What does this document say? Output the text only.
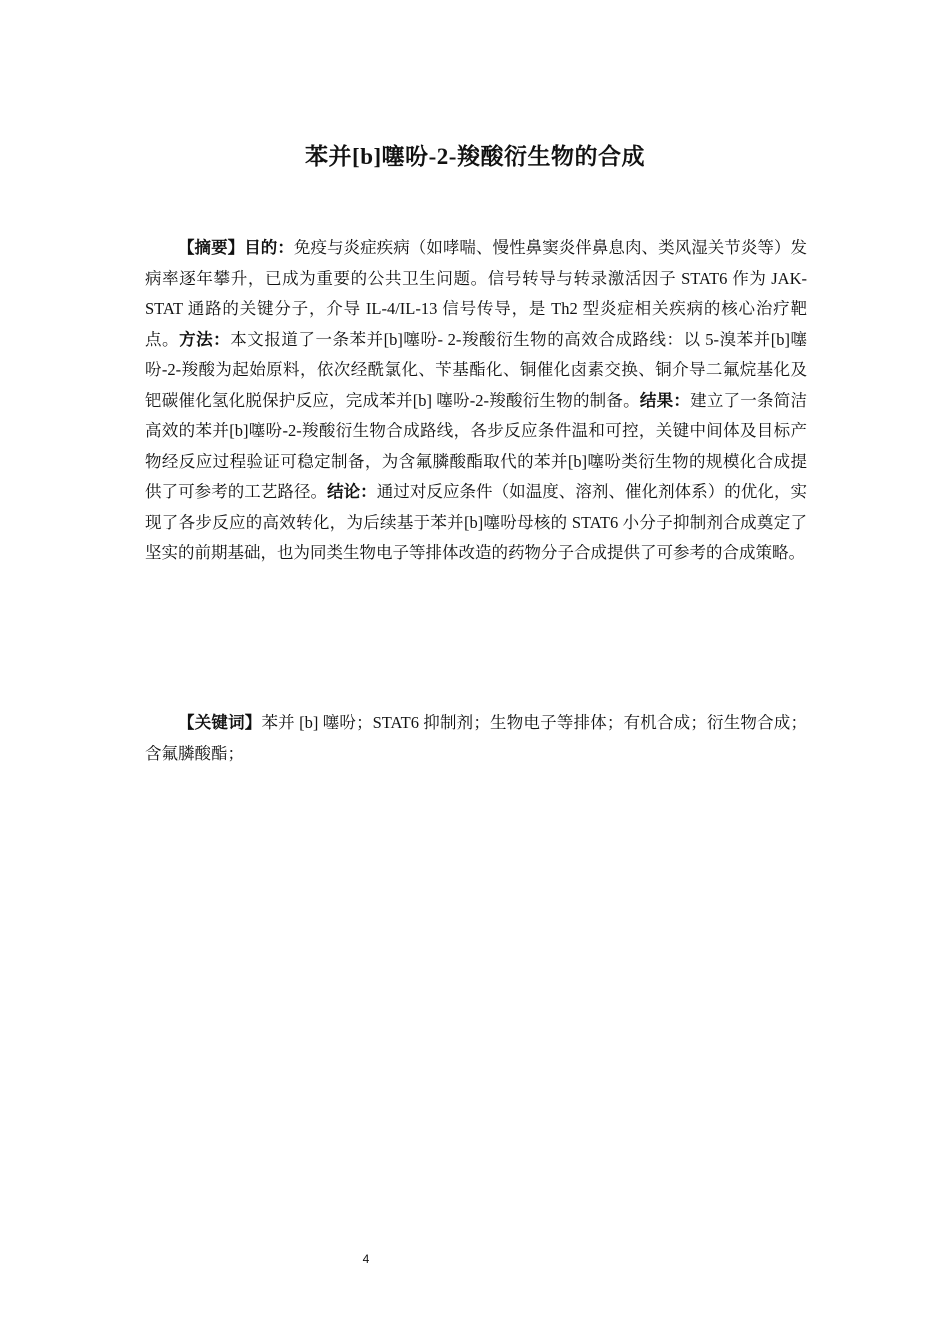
苯并[b]噻吩-2-羧酸衍生物的合成

【摘要】目的：免疫与炎症疾病（如哮喘、慢性鼻窦炎伴鼻息肉、类风湿关节炎等）发病率逐年攀升，已成为重要的公共卫生问题。信号转导与转录激活因子 STAT6 作为 JAK-STAT 通路的关键分子，介导 IL-4/IL-13 信号传导，是 Th2 型炎症相关疾病的核心治疗靶点。方法：本文报道了一条苯并[b]噻吩- 2-羧酸衍生物的高效合成路线：以 5-溴苯并[b]噻吩-2-羧酸为起始原料，依次经酰氯化、苄基酯化、铜催化卤素交换、铜介导二氟烷基化及钯碳催化氢化脱保护反应，完成苯并[b] 噻吩-2-羧酸衍生物的制备。结果：建立了一条简洁高效的苯并[b]噻吩-2-羧酸衍生物合成路线，各步反应条件温和可控，关键中间体及目标产物经反应过程验证可稳定制备，为含氟膦酸酯取代的苯并[b]噻吩类衍生物的规模化合成提供了可参考的工艺路径。结论：通过对反应条件（如温度、溶剂、催化剂体系）的优化，实现了各步反应的高效转化，为后续基于苯并[b]噻吩母核的 STAT6 小分子抑制剂合成奠定了坚实的前期基础，也为同类生物电子等排体改造的药物分子合成提供了可参考的合成策略。

【关键词】苯并 [b] 噻吩；STAT6 抑制剂；生物电子等排体；有机合成；衍生物合成；含氟膦酸酯；

4
